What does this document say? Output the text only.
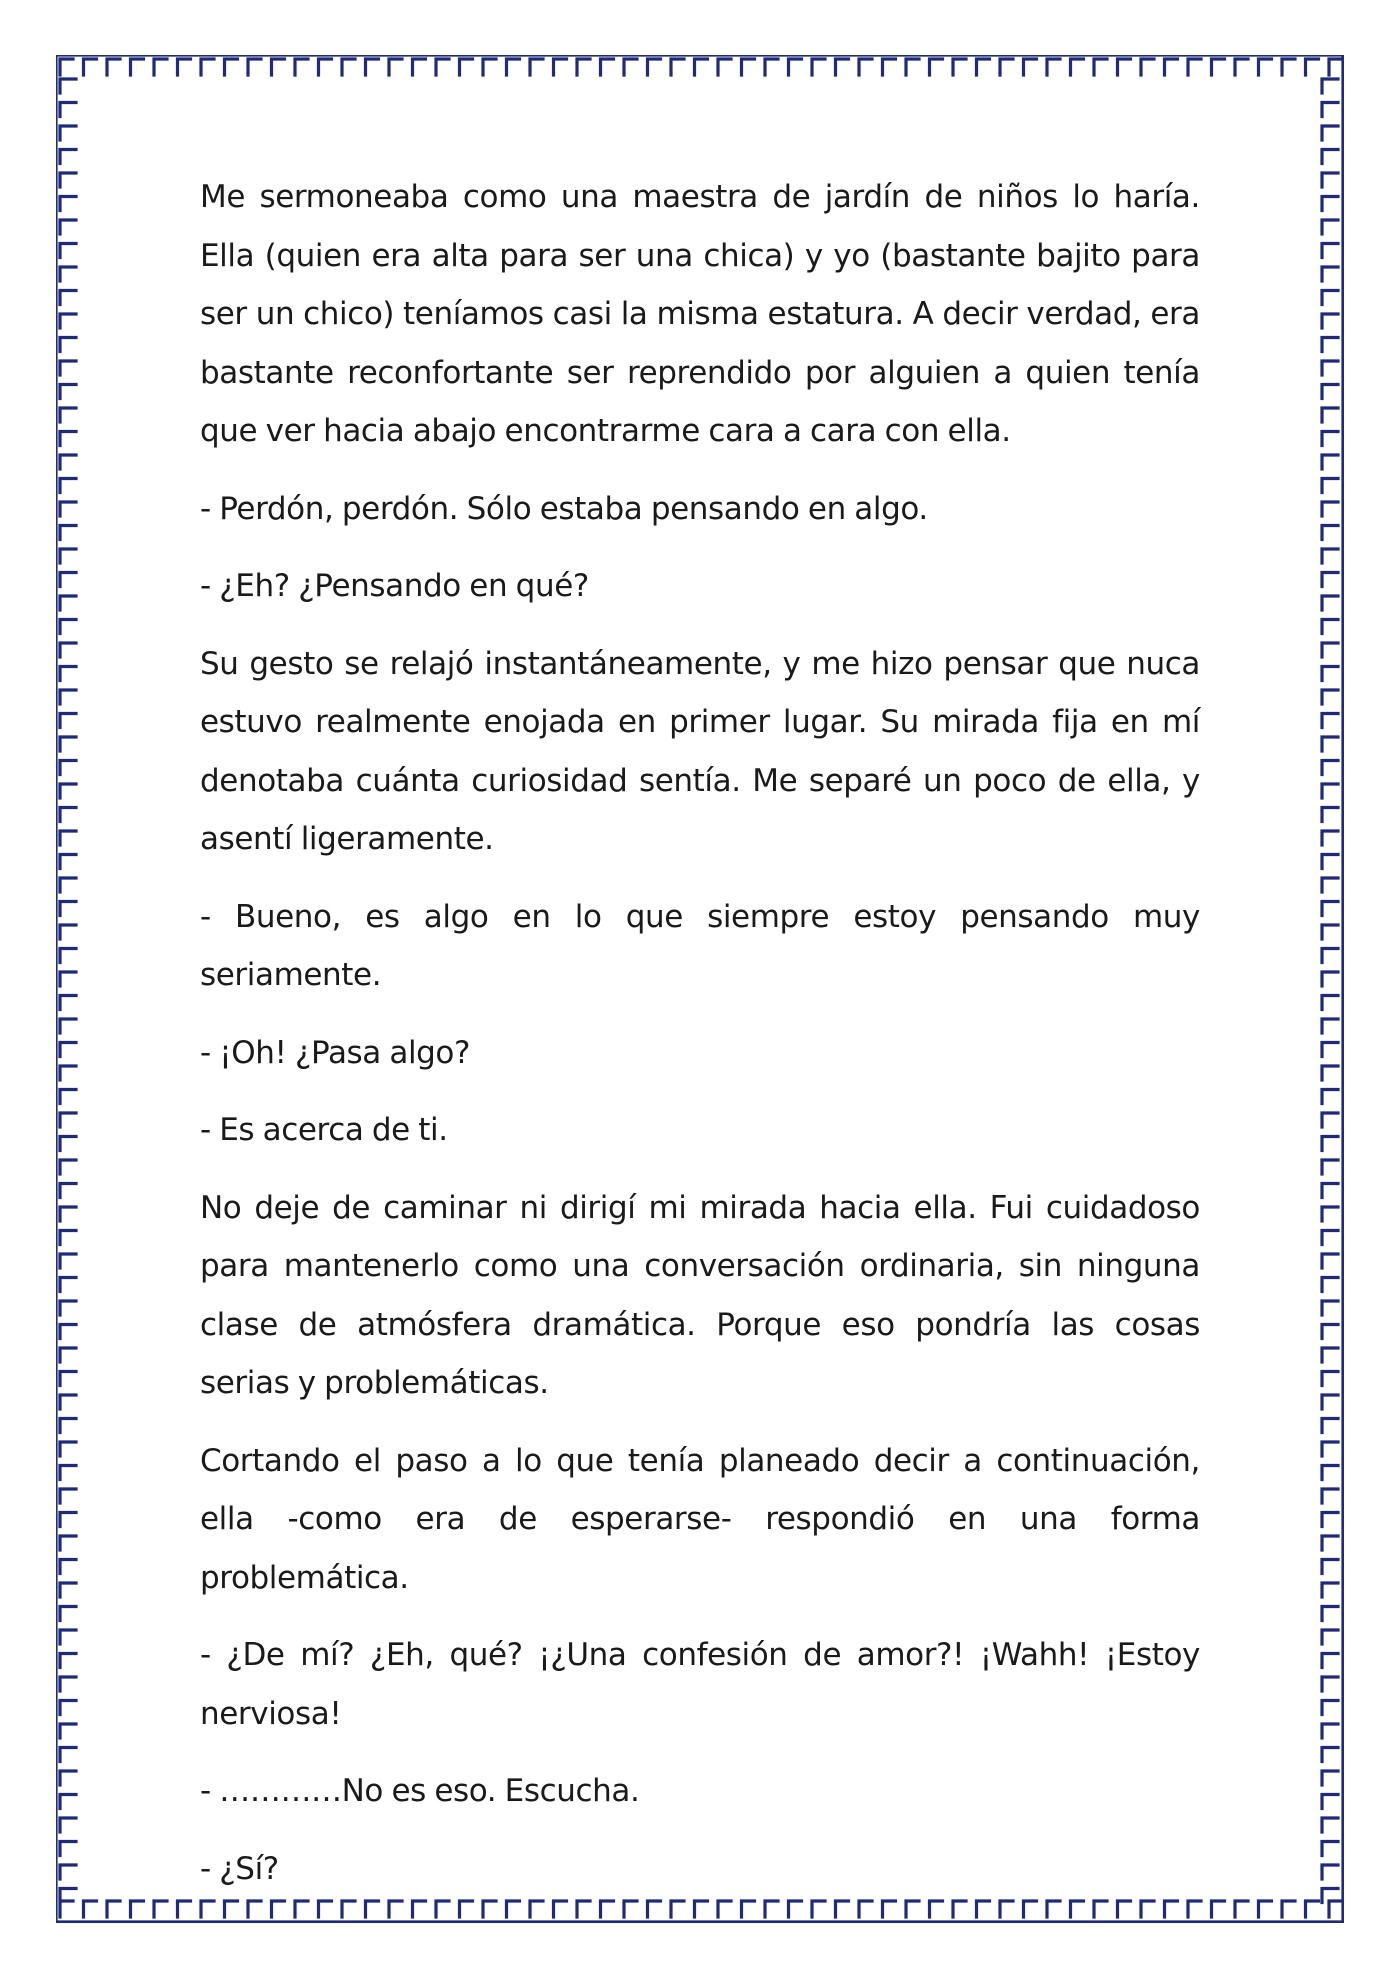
Me sermoneaba como una maestra de jardín de niños lo haría. Ella (quien era alta para ser una chica) y yo (bastante bajito para ser un chico) teníamos casi la misma estatura. A decir verdad, era bastante reconfortante ser reprendido por alguien a quien tenía que ver hacia abajo encontrarme cara a cara con ella.

- Perdón, perdón. Sólo estaba pensando en algo.

- ¿Eh? ¿Pensando en qué?

Su gesto se relajó instantáneamente, y me hizo pensar que nuca estuvo realmente enojada en primer lugar. Su mirada fija en mí denotaba cuánta curiosidad sentía. Me separé un poco de ella, y asentí ligeramente.

- Bueno, es algo en lo que siempre estoy pensando muy seriamente.

- ¡Oh! ¿Pasa algo?

- Es acerca de ti.

No deje de caminar ni dirigí mi mirada hacia ella. Fui cuidadoso para mantenerlo como una conversación ordinaria, sin ninguna clase de atmósfera dramática. Porque eso pondría las cosas serias y problemáticas.

Cortando el paso a lo que tenía planeado decir a continuación, ella -como era de esperarse- respondió en una forma problemática.

- ¿De mí? ¿Eh, qué? ¡¿Una confesión de amor?! ¡Wahh! ¡Estoy nerviosa!

- …………No es eso. Escucha.

- ¿Sí?
